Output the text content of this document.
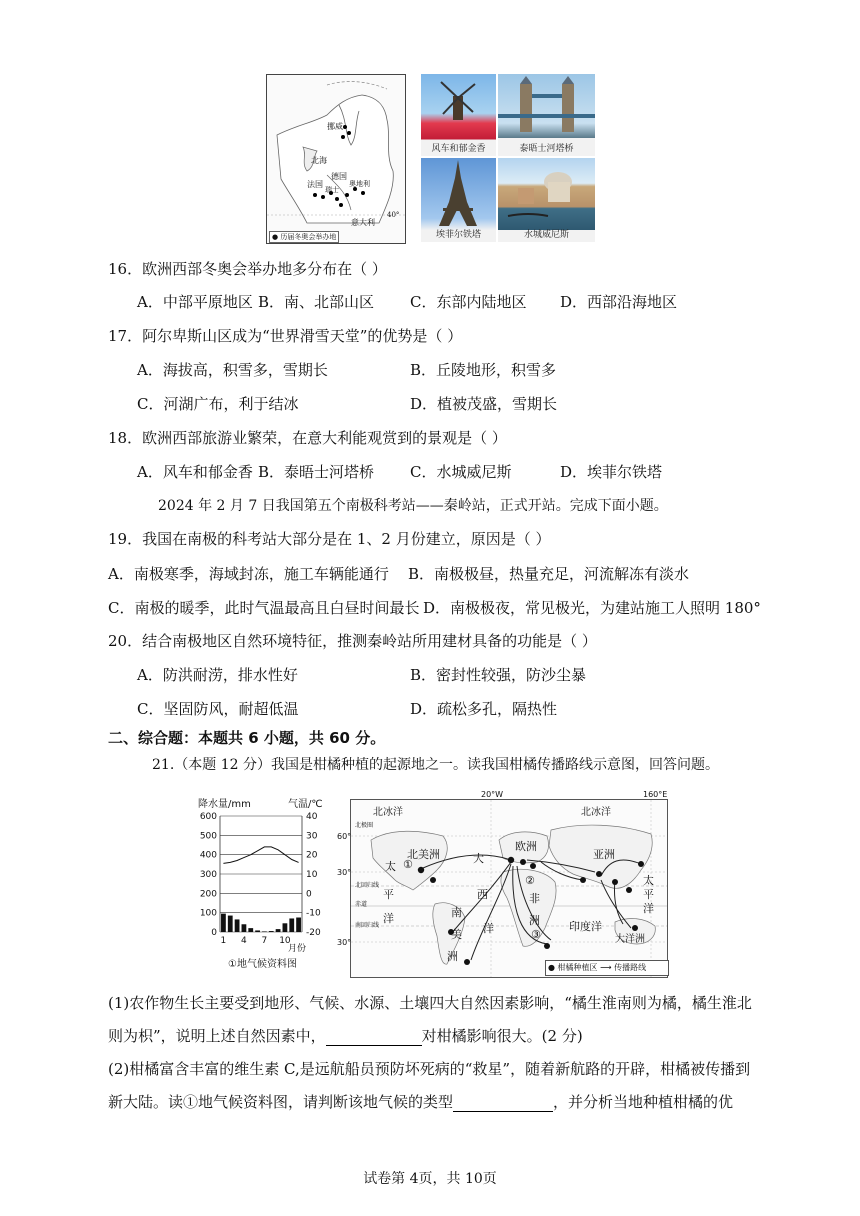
挪威
北海
法国
德国
奥地利
瑞士
意大利
40°
● 历届冬奥会举办地
风车和郁金香	泰晤士河塔桥
埃菲尔铁塔	水城威尼斯
16．欧洲西部冬奥会举办地多分布在（ ）
A．中部平原地区 B．南、北部山区 C．东部内陆地区 D．西部沿海地区
17．阿尔卑斯山区成为“世界滑雪天堂”的优势是（ ）
A．海拔高，积雪多，雪期长	B．丘陵地形，积雪多
C．河湖广布，利于结冰	D．植被茂盛，雪期长
18．欧洲西部旅游业繁荣，在意大利能观赏到的景观是（ ）
A．风车和郁金香 B．泰晤士河塔桥 C．水城威尼斯	D．埃菲尔铁塔
2024 年 2 月 7 日我国第五个南极科考站——秦岭站，正式开站。完成下面小题。
19．我国在南极的科考站大部分是在 1、2 月份建立，原因是（ ）
A．南极寒季，海域封冻，施工车辆能通行 B．南极极昼，热量充足，河流解冻有淡水
C．南极的暖季，此时气温最高且白昼时间最长 D．南极极夜，常见极光，为建站施工人照明 180°
20．结合南极地区自然环境特征，推测秦岭站所用建材具备的功能是（ ）
A．防洪耐涝，排水性好	B．密封性较强，防沙尘暴
C．坚固防风，耐超低温	D．疏松多孔，隔热性
二、综合题：本题共 6 小题，共 60 分。
21.（本题 12 分）我国是柑橘种植的起源地之一。读我国柑橘传播路线示意图，回答问题。
降水量/mm	气温/℃
600
500
400
300
200
100
0
40
30
20
10
0
-10
-20
1 4 7 10
月份
①地气候资料图
20°W	160°E
60°
30°
30°
北极圈
北回归线
赤道
南回归线
北冰洋	北冰洋
大
西
洋
太
平
洋
印度洋
太
平
洋
北美洲
南
美
洲
欧洲
非
洲
亚洲
大洋洲
①
②
③
● 柑橘种植区 ⟶ 传播路线
(1)农作物生长主要受到地形、气候、水源、土壤四大自然因素影响，“橘生淮南则为橘，橘生淮北
则为枳”，说明上述自然因素中，	对柑橘影响很大。(2 分)
(2)柑橘富含丰富的维生素 C,是远航船员预防坏死病的“救星”，随着新航路的开辟，柑橘被传播到
新大陆。读①地气候资料图，请判断该地气候的类型	，并分析当地种植柑橘的优
试卷第 4页，共 10页
